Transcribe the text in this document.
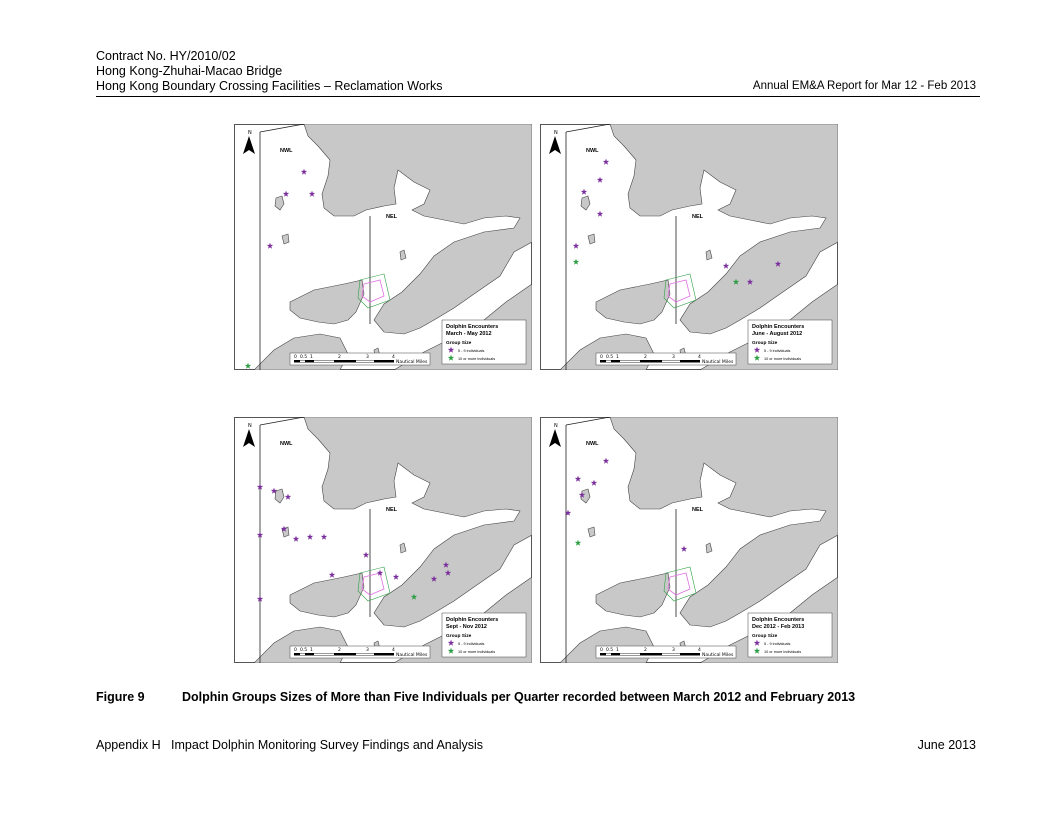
Contract No. HY/2010/02
Hong Kong-Zhuhai-Macao Bridge
Hong Kong Boundary Crossing Facilities – Reclamation Works	Annual EM&A Report for Mar 12 - Feb 2013
N
NWL
NEL
0 0.5 1	2	3	4
Nautical Miles
Dolphin Encounters
March - May 2012
Group Size
5 - 9 individuals
10 or more individuals
N
NWL
NEL
0 0.5 1	2	3	4
Nautical Miles
Dolphin Encounters
June - August 2012
Group Size
5 - 9 individuals
10 or more individuals
N
NWL
NEL
0 0.5 1	2	3	4
Nautical Miles
Dolphin Encounters
Sept - Nov 2012
Group Size
5 - 9 individuals
10 or more individuals
N
NWL
NEL
0 0.5 1	2	3	4
Nautical Miles
Dolphin Encounters
Dec 2012 - Feb 2013
Group Size
5 - 9 individuals
10 or more individuals
Figure 9	Dolphin Groups Sizes of More than Five Individuals per Quarter recorded between March 2012 and February 2013
Appendix H   Impact Dolphin Monitoring Survey Findings and Analysis	June 2013
